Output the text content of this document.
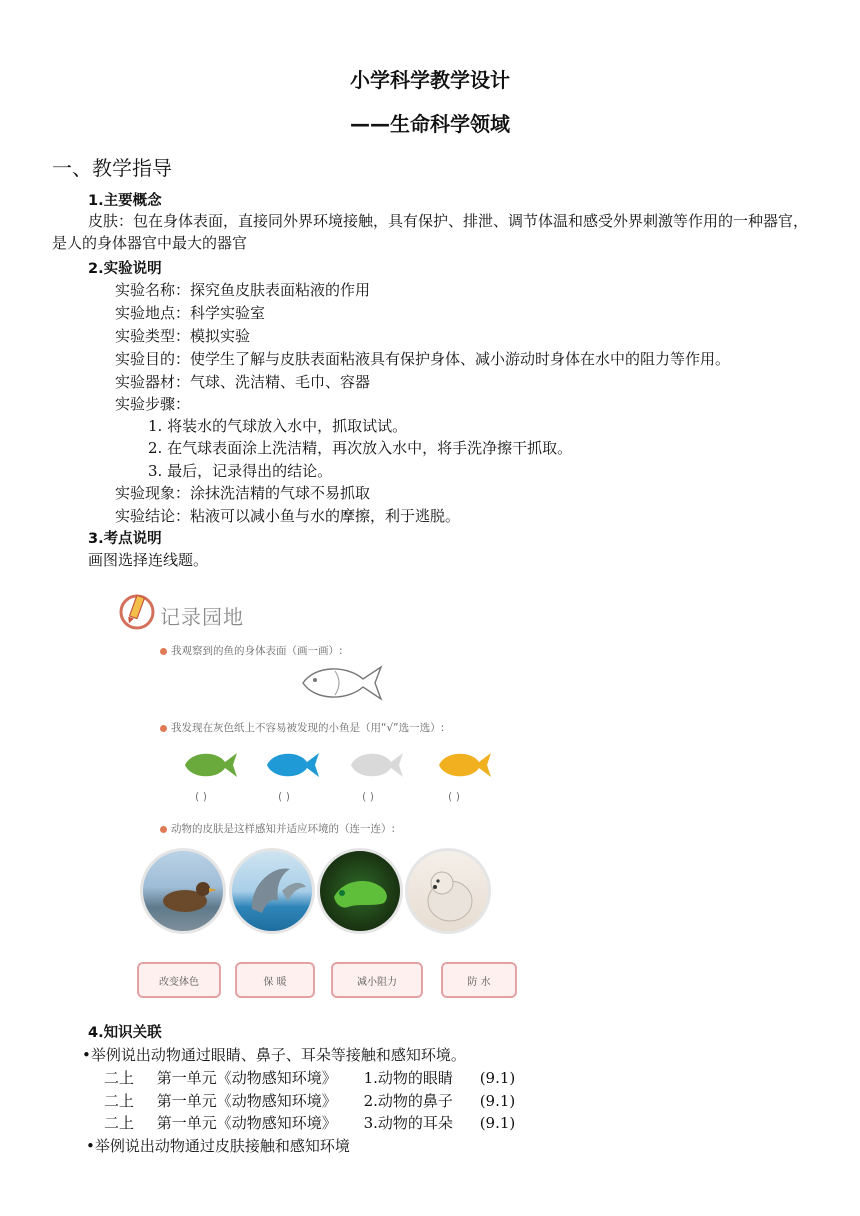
小学科学教学设计
——生命科学领域
一、教学指导
1.主要概念
皮肤：包在身体表面，直接同外界环境接触，具有保护、排泄、调节体温和感受外界刺激等作用的一种器官，是人的身体器官中最大的器官
2.实验说明
实验名称：探究鱼皮肤表面粘液的作用
实验地点：科学实验室
实验类型：模拟实验
实验目的：使学生了解与皮肤表面粘液具有保护身体、减小游动时身体在水中的阻力等作用。
实验器材：气球、洗洁精、毛巾、容器
实验步骤：
1. 将装水的气球放入水中，抓取试试。
2. 在气球表面涂上洗洁精，再次放入水中，将手洗净擦干抓取。
3. 最后，记录得出的结论。
实验现象：涂抹洗洁精的气球不易抓取
实验结论：粘液可以减小鱼与水的摩擦，利于逃脱。
3.考点说明
画图选择连线题。
记录园地
我观察到的鱼的身体表面（画一画）:
我发现在灰色纸上不容易被发现的小鱼是（用“√”选一选）:
( )	( )	( )	( )
动物的皮肤是这样感知并适应环境的（连一连）:
改变体色	保 暖	减小阻力	防 水
4.知识关联
•举例说出动物通过眼睛、鼻子、耳朵等接触和感知环境。
二上 第一单元《动物感知环境》 1.动物的眼睛 (9.1)
二上 第一单元《动物感知环境》 2.动物的鼻子 (9.1)
二上 第一单元《动物感知环境》 3.动物的耳朵 (9.1)
•举例说出动物通过皮肤接触和感知环境
